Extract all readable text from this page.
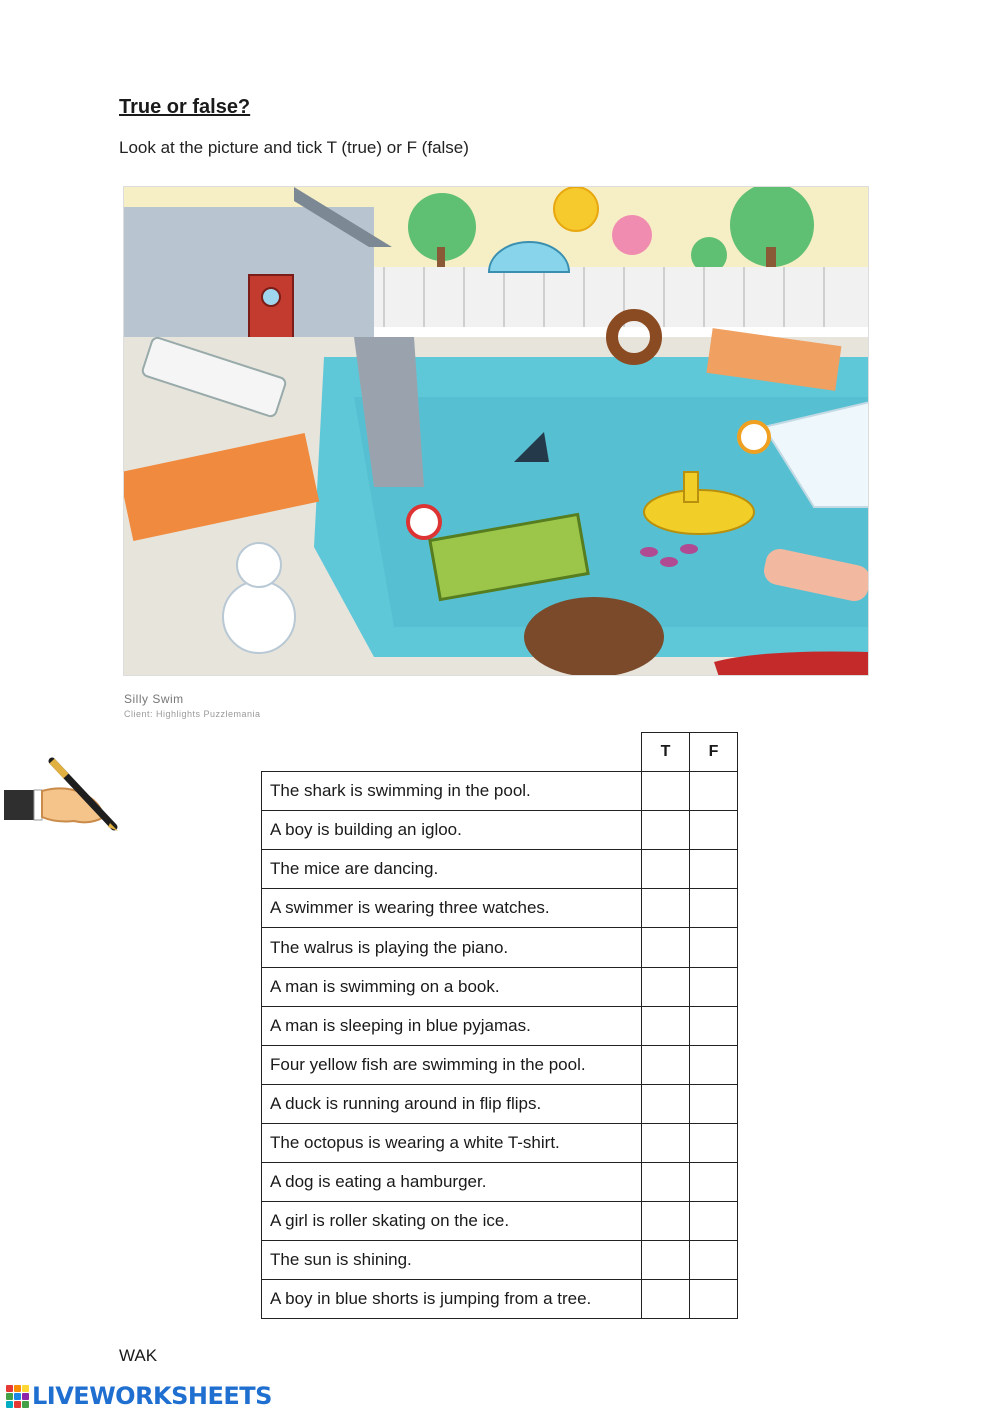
True or false?
Look at the picture and tick T (true) or F (false)
Silly Swim
Client: Highlights Puzzlemania
	T	F
The shark is swimming in the pool.		
A boy is building an igloo.		
The mice are dancing.		
A swimmer is wearing three watches.		
The walrus is playing the piano.		
A man is swimming on a book.		
A man is sleeping in blue pyjamas.		
Four yellow fish are swimming in the pool.		
A duck is running around in flip flips.		
The octopus is wearing a white T-shirt.		
A dog is eating a hamburger.		
A girl is roller skating on the ice.		
The sun is shining.		
A boy in blue shorts is jumping from a tree.		
WAK
LIVEWORKSHEETS
